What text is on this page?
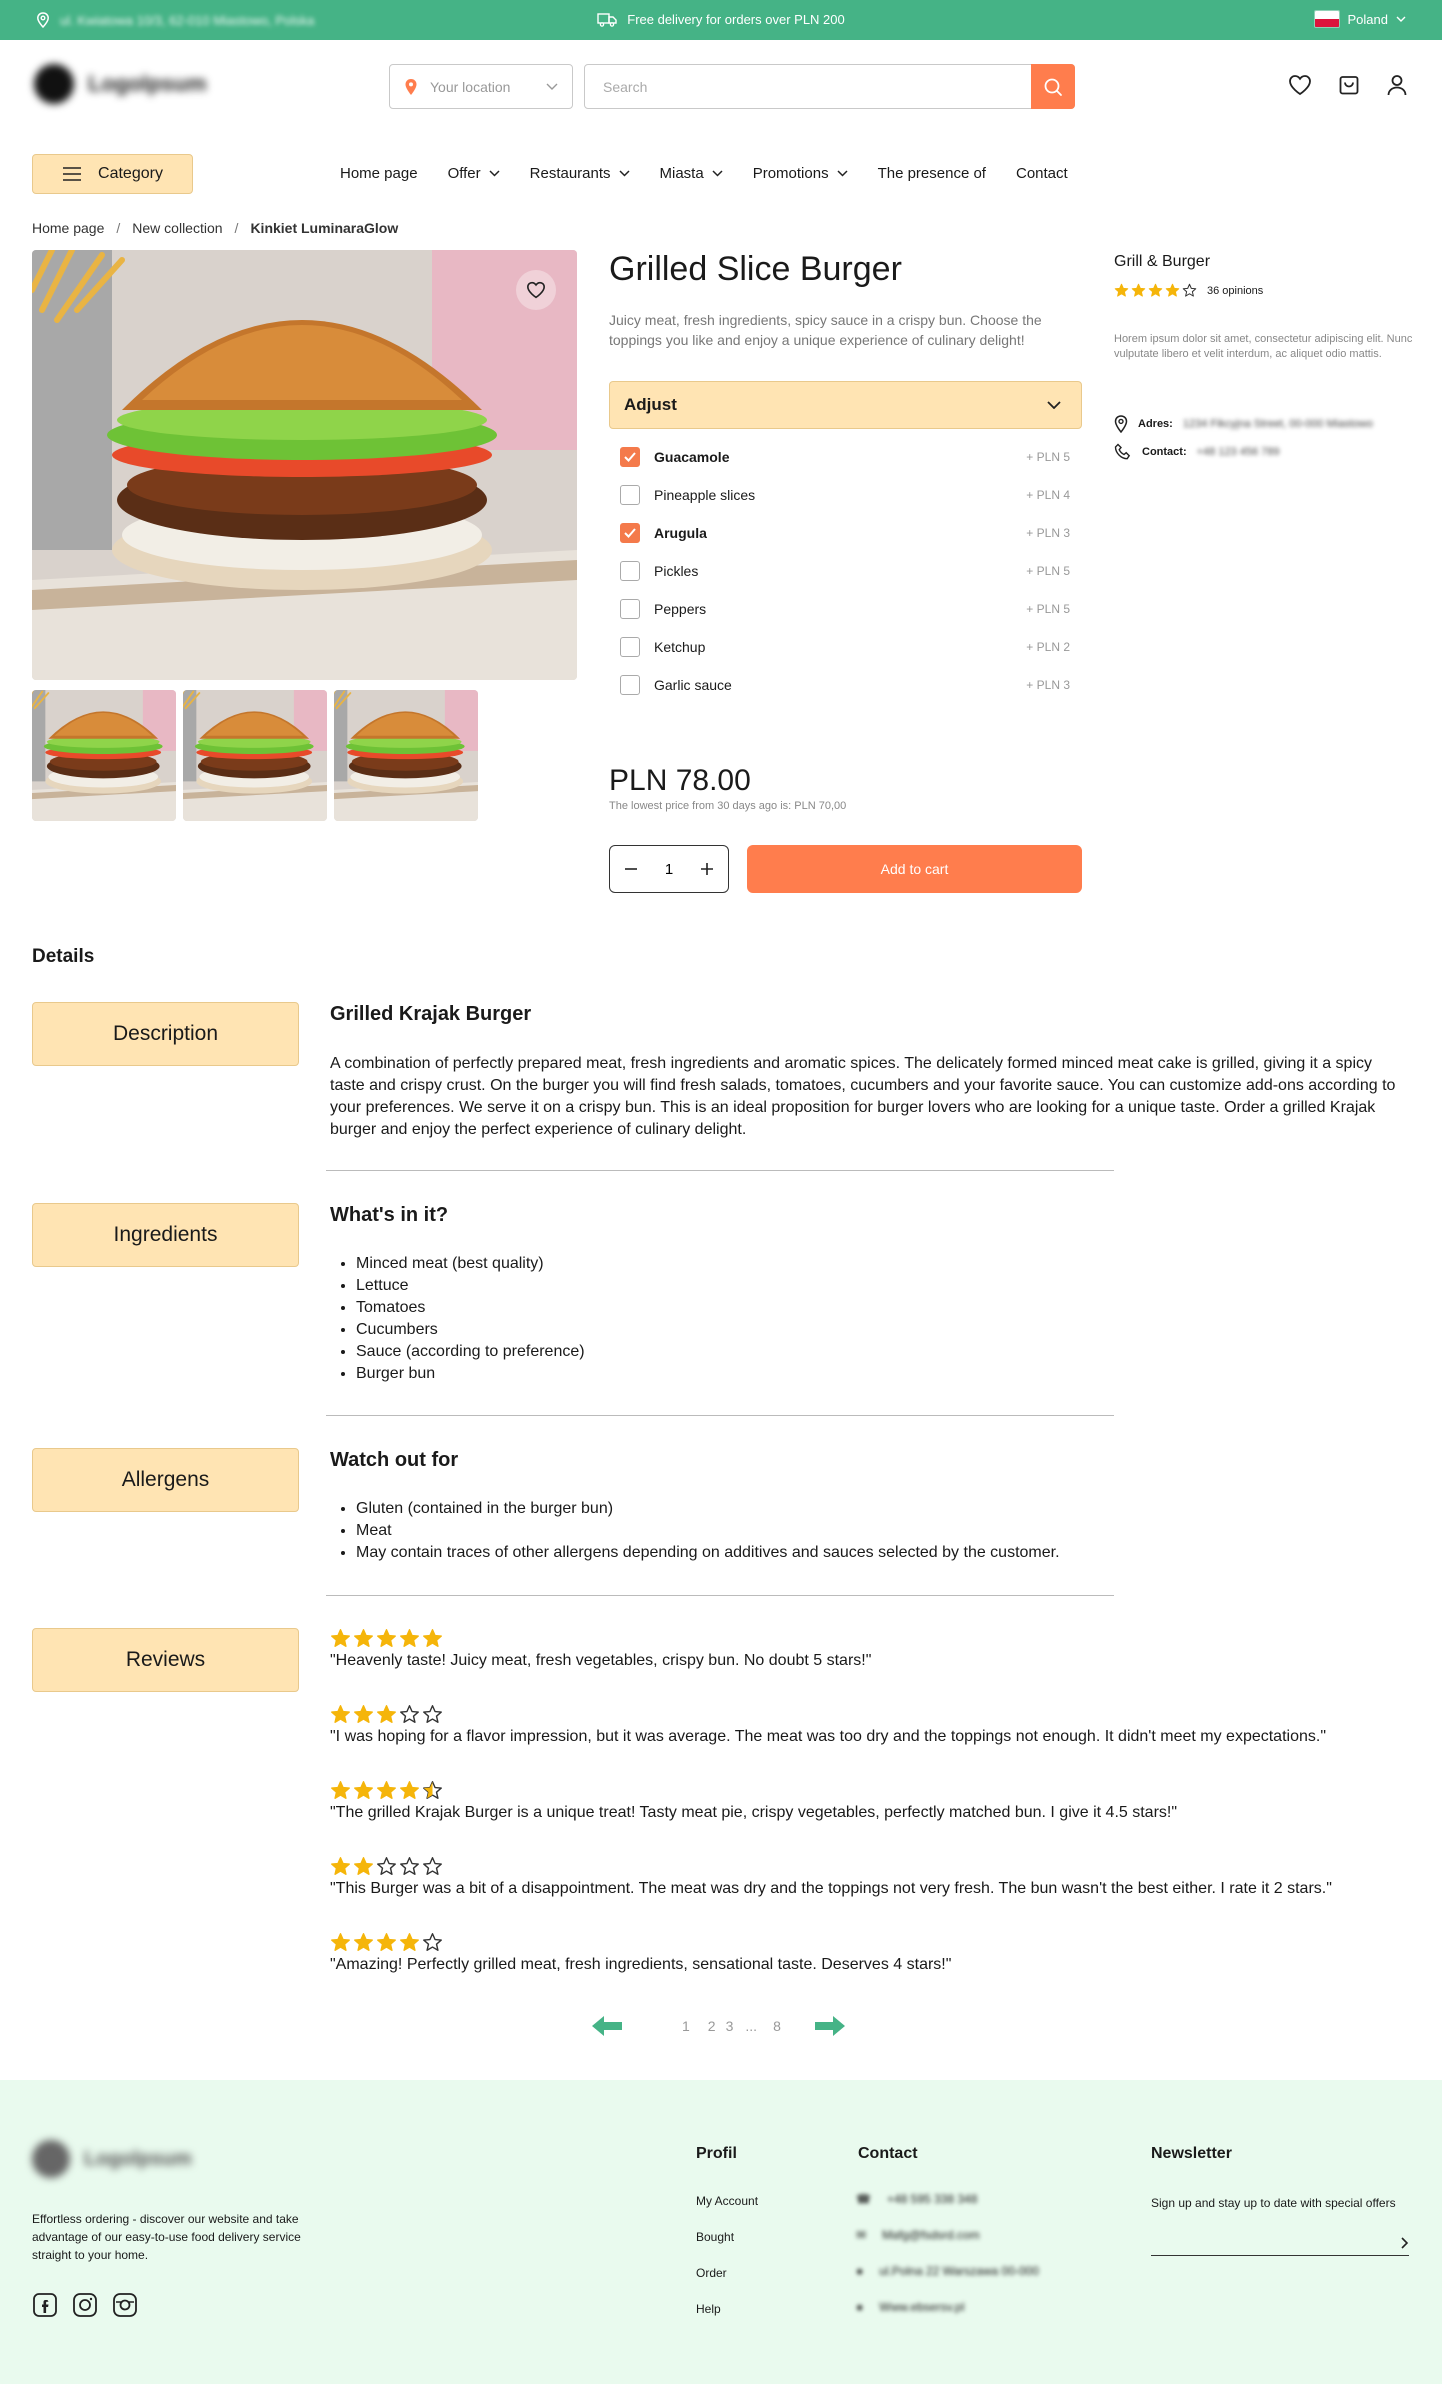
ul. Kwiatowa 10/3, 62-010 Miastowo, Polska	Free delivery for orders over PLN 200	Poland
Logolpsum	Your location
Search
Category	Home page Offer	Restaurants	Miasta	Promotions	The presence of Contact
Home page / New collection / Kinkiet LuminaraGlow
Grilled Slice Burger

Juicy meat, fresh ingredients, spicy sauce in a crispy bun. Choose the toppings you like and enjoy a unique experience of culinary delight!

Adjust
Guacamole	+ PLN 5
Pineapple slices	+ PLN 4
Arugula	+ PLN 3
Pickles	+ PLN 5
Peppers	+ PLN 5
Ketchup	+ PLN 2
Garlic sauce	+ PLN 3
PLN 78.00
The lowest price from 30 days ago is: PLN 70,00
1
Add to cart
Grill & Burger
36 opinions

Horem ipsum dolor sit amet, consectetur adipiscing elit. Nunc vulputate libero et velit interdum, ac aliquet odio mattis.

Adres: 1234 Fikcyjna Street, 00-000 Miastowo
Contact: +48 123 456 789
Details
Description
Grilled Krajak Burger

A combination of perfectly prepared meat, fresh ingredients and aromatic spices. The delicately formed minced meat cake is grilled, giving it a spicy taste and crispy crust. On the burger you will find fresh salads, tomatoes, cucumbers and your favorite sauce. You can customize add-ons according to your preferences. We serve it on a crispy bun. This is an ideal proposition for burger lovers who are looking for a unique taste. Order a grilled Krajak burger and enjoy the perfect experience of culinary delight.

Ingredients
What's in it?
• Minced meat (best quality)
• Lettuce
• Tomatoes
• Cucumbers
• Sauce (according to preference)
• Burger bun
Allergens
Watch out for
• Gluten (contained in the burger bun)
• Meat
• May contain traces of other allergens depending on additives and sauces selected by the customer.
Reviews	"Heavenly taste! Juicy meat, fresh vegetables, crispy bun. No doubt 5 stars!"
"I was hoping for a flavor impression, but it was average. The meat was too dry and the toppings not enough. It didn't meet my expectations."
"The grilled Krajak Burger is a unique treat! Tasty meat pie, crispy vegetables, perfectly matched bun. I give it 4.5 stars!"
"This Burger was a bit of a disappointment. The meat was dry and the toppings not very fresh. The bun wasn't the best either. I rate it 2 stars."
"Amazing! Perfectly grilled meat, fresh ingredients, sensational taste. Deserves 4 stars!"
1 2 3 ... 8
Logolpsum

Effortless ordering - discover our website and take advantage of our easy-to-use food delivery service straight to your home.

Profil
My Account
Bought
Order
Help
Contact
☎ +48 595 338 348
✉ Mafg@fsdsrd.com
● ul.Polna 22 Warszawa 00-000
● Www.ebsersv.pl
Newsletter

Sign up and stay up to date with special offers
